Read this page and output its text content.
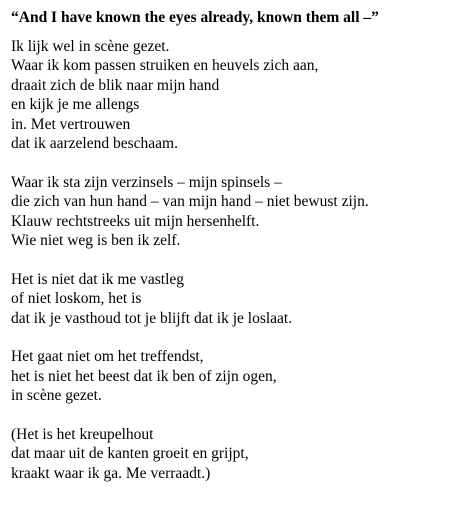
“And I have known the eyes already, known them all –”
Ik lijk wel in scène gezet.
Waar ik kom passen struiken en heuvels zich aan,
draait zich de blik naar mijn hand
en kijk je me allengs
in. Met vertrouwen
dat ik aarzelend beschaam.
Waar ik sta zijn verzinsels – mijn spinsels –
die zich van hun hand – van mijn hand – niet bewust zijn.
Klauw rechtstreeks uit mijn hersenhelft.
Wie niet weg is ben ik zelf.
Het is niet dat ik me vastleg
of niet loskom, het is
dat ik je vasthoud tot je blijft dat ik je loslaat.
Het gaat niet om het treffendst,
het is niet het beest dat ik ben of zijn ogen,
in scène gezet.
(Het is het kreupelhout
dat maar uit de kanten groeit en grijpt,
kraakt waar ik ga. Me verraadt.)
